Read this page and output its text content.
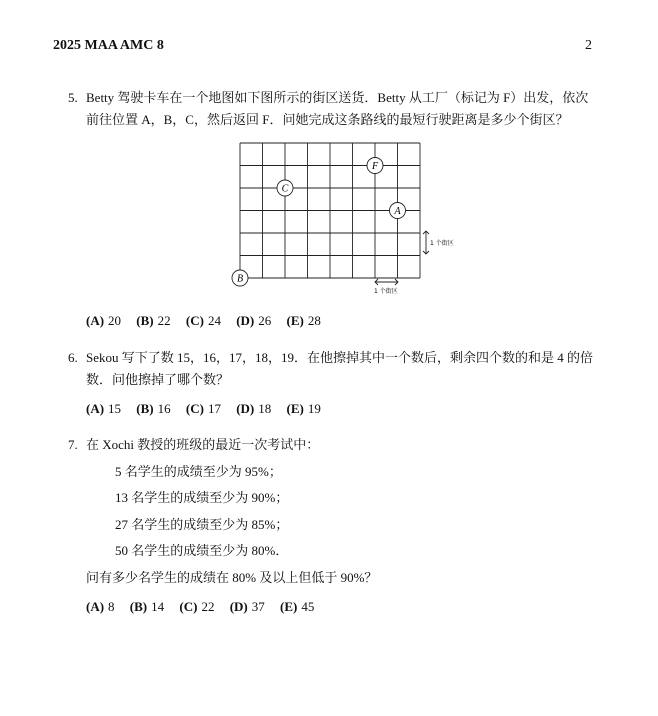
2025 MAA AMC 8	2
5. Betty 驾驶卡车在一个地图如下图所示的街区送货．Betty 从工厂（标记为 F）出发，依次
前往位置 A，B，C，然后返回 F．问她完成这条路线的最短行驶距离是多少个街区？
F
C
A
B
1 个街区
1 个街区
(A) 20 (B) 22 (C) 24 (D) 26 (E) 28
6. Sekou 写下了数 15，16，17，18，19．在他擦掉其中一个数后，剩余四个数的和是 4 的倍
数．问他擦掉了哪个数？
(A) 15 (B) 16 (C) 17 (D) 18 (E) 19
7. 在 Xochi 教授的班级的最近一次考试中：
5 名学生的成绩至少为 95%；
13 名学生的成绩至少为 90%；
27 名学生的成绩至少为 85%；
50 名学生的成绩至少为 80%．
问有多少名学生的成绩在 80% 及以上但低于 90%？
(A) 8 (B) 14 (C) 22 (D) 37 (E) 45
